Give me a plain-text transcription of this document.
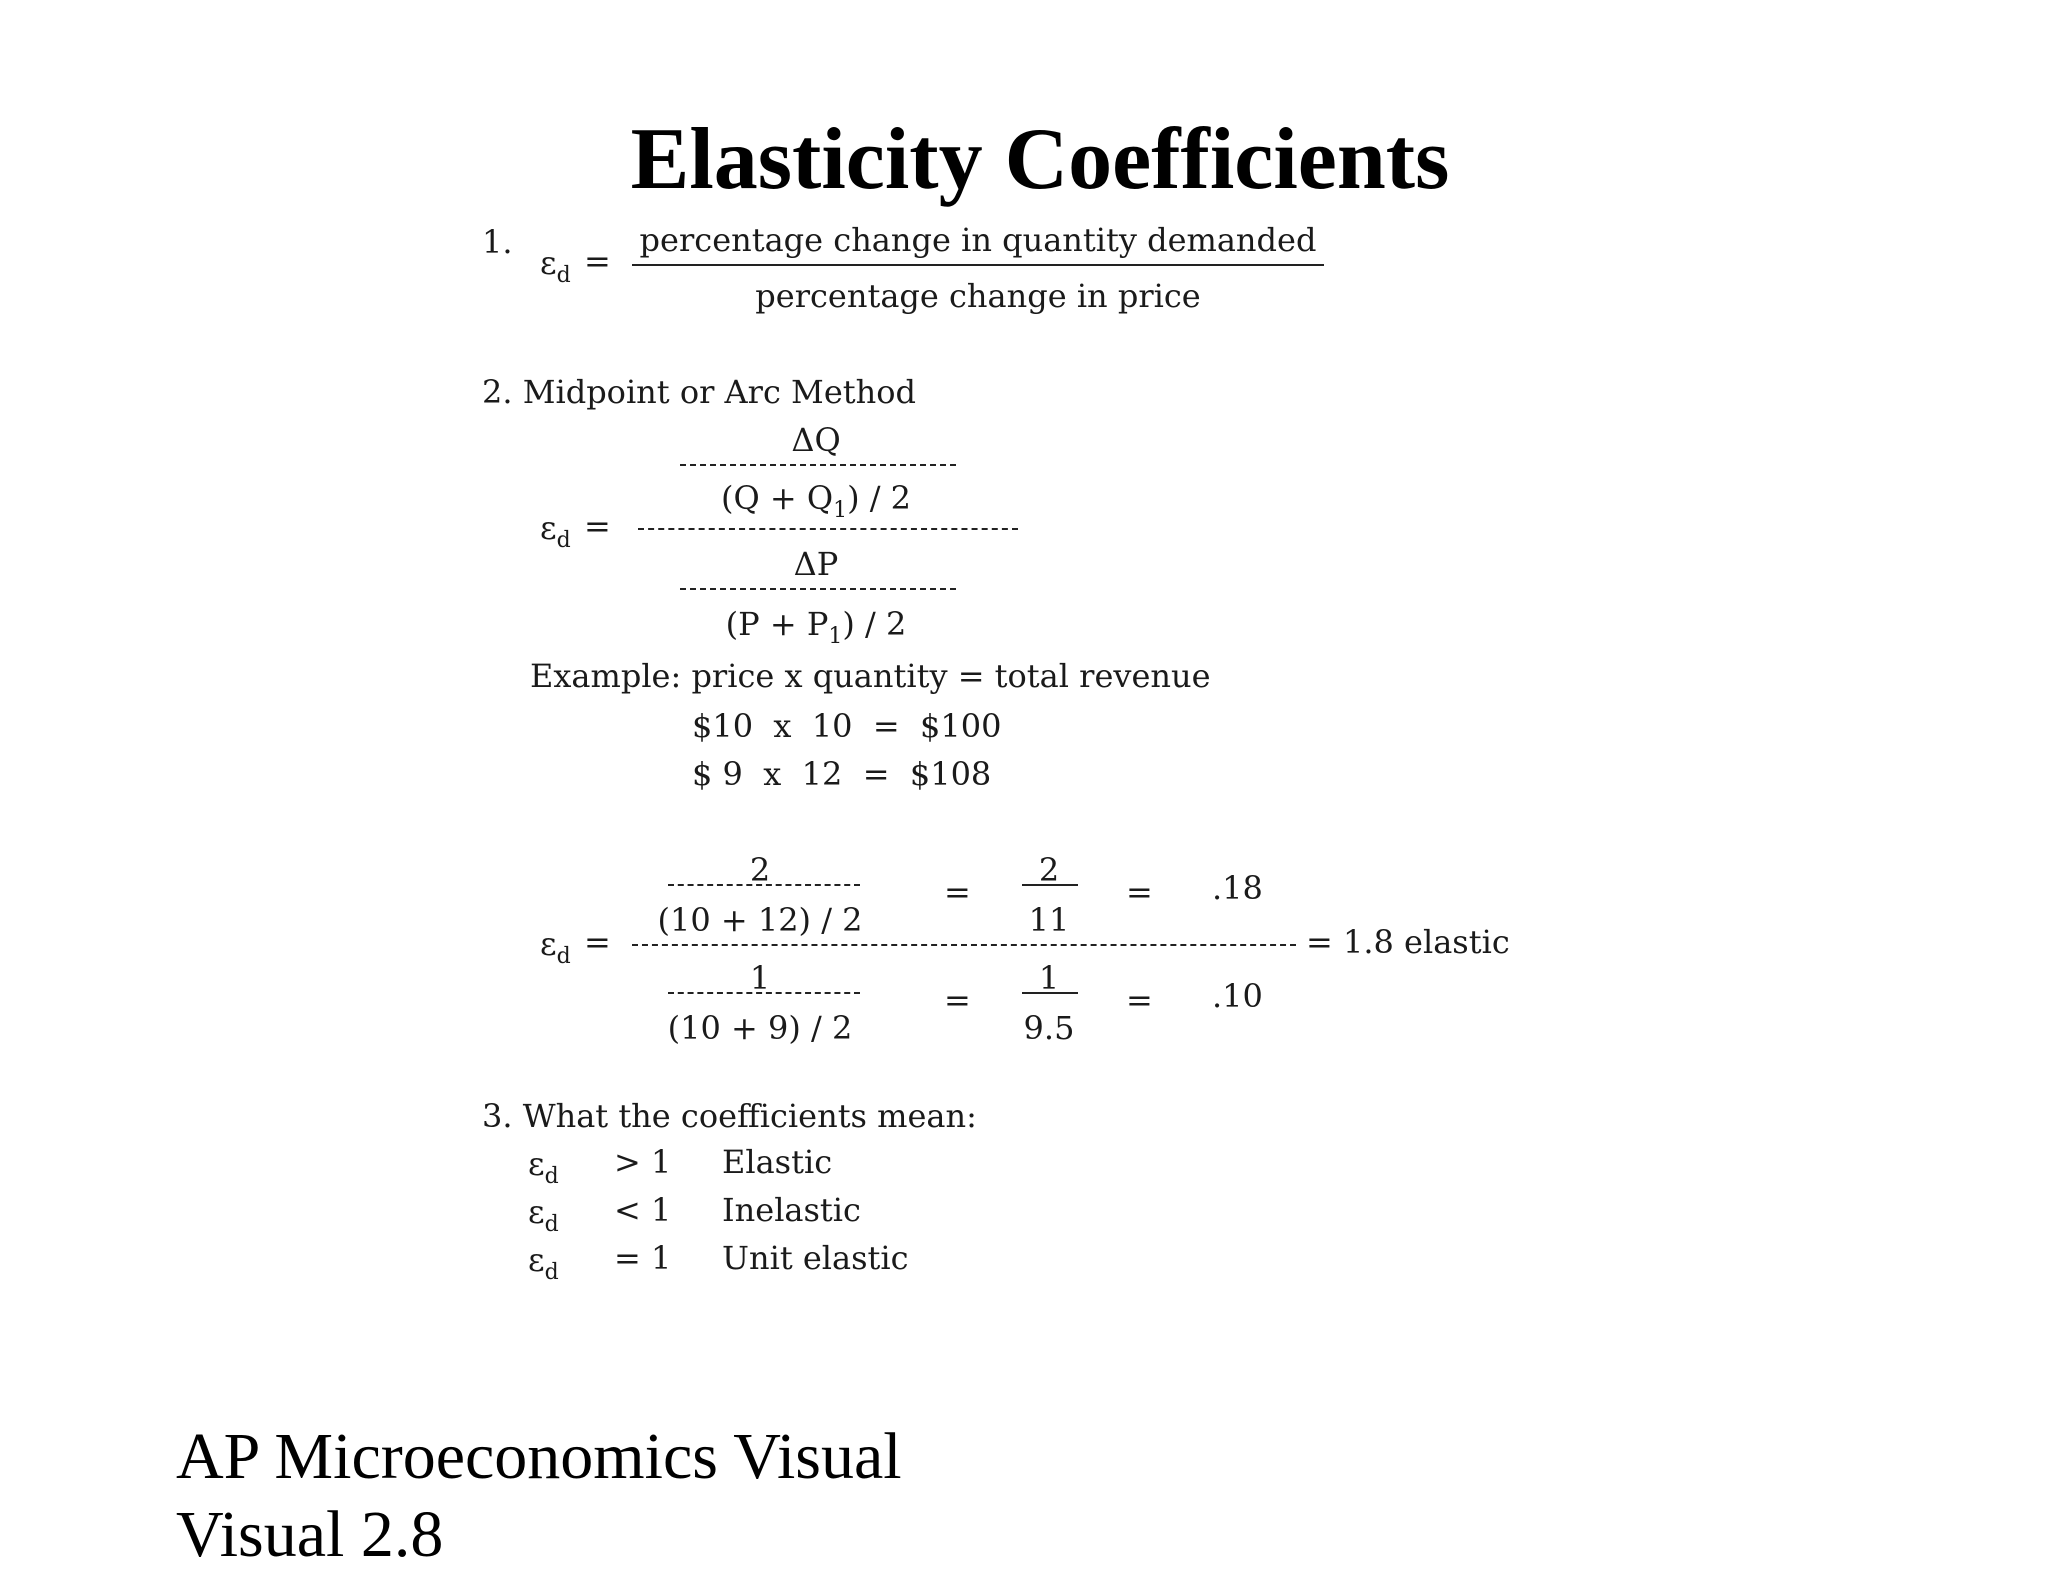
Elasticity Coefficients
1.
$\varepsilon_d$ =
percentage change in quantity demanded
percentage change in price
2. Midpoint or Arc Method
ΔQ
$(Q + Q_1) / 2$
$\varepsilon_d$ =
ΔP
$(P + P_1) / 2$
Example: price x quantity = total revenue
$10  x  10  =  $100
$ 9  x  12  =  $108
2
(10 + 12) / 2
=
2
11
= .18
$\varepsilon_d$ =	= 1.8 elastic
1
(10 + 9) / 2
=
1
9.5
= .10
3. What the coefficients mean:
$\varepsilon_d > 1$ Elastic
$\varepsilon_d < 1$ Inelastic
$\varepsilon_d = 1$ Unit elastic
AP Microeconomics Visual
Visual 2.8
